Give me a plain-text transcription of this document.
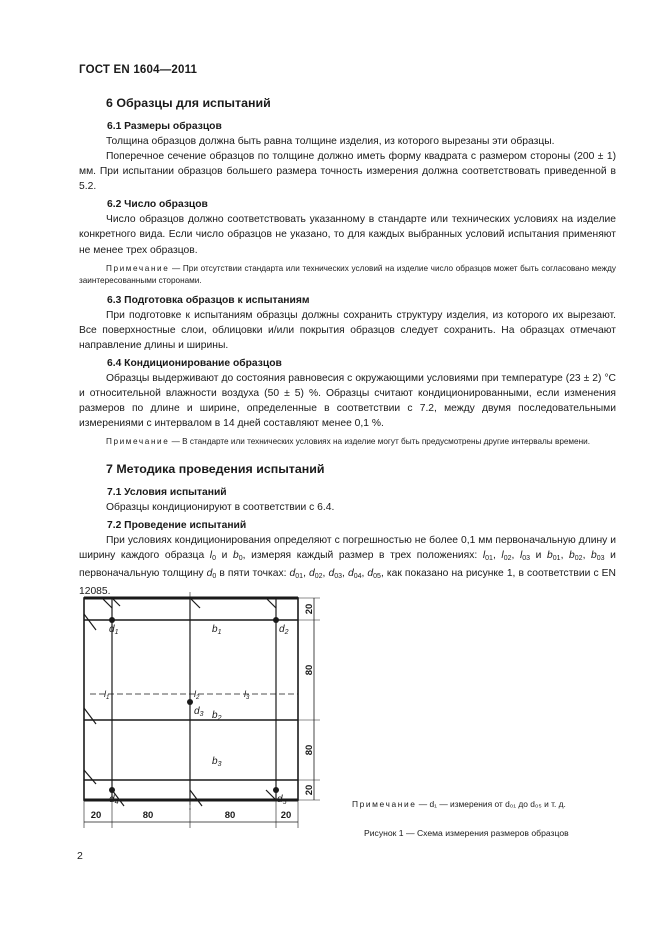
ГОСТ EN 1604—2011
6 Образцы для испытаний
6.1 Размеры образцов

Толщина образцов должна быть равна толщине изделия, из которого вырезаны эти образцы.

Поперечное сечение образцов по толщине должно иметь форму квадрата с размером стороны (200 ± 1) мм. При испытании образцов большего размера точность измерения должна соответствовать приведенной в 5.2.

6.2 Число образцов

Число образцов должно соответствовать указанному в стандарте или технических условиях на изделие конкретного вида. Если число образцов не указано, то для каждых выбранных условий испытания применяют не менее трех образцов.

Примечание — При отсутствии стандарта или технических условий на изделие число образцов может быть согласовано между заинтересованными сторонами.
6.3 Подготовка образцов к испытаниям

При подготовке к испытаниям образцы должны сохранить структуру изделия, из которого их вырезают. Все поверхностные слои, облицовки и/или покрытия образцов следует сохранить. На образцах отмечают направление длины и ширины.

6.4 Кондиционирование образцов

Образцы выдерживают до состояния равновесия с окружающими условиями при температуре (23 ± 2) °С и относительной влажности воздуха (50 ± 5) %. Образцы считают кондиционированными, если изменения размеров по длине и ширине, определенные в соответствии с 7.2, между двумя последовательными измерениями с интервалом в 14 дней составляют менее 0,1 %.

Примечание — В стандарте или технических условиях на изделие могут быть предусмотрены другие интервалы времени.
7 Методика проведения испытаний
7.1 Условия испытаний

Образцы кондиционируют в соответствии с 6.4.

7.2 Проведение испытаний

При условиях кондиционирования определяют с погрешностью не более 0,1 мм первоначальную длину и ширину каждого образца $l_0$ и $b_0$, измеряя каждый размер в трех положениях: $l_{01}$, $l_{02}$, $l_{03}$ и $b_{01}$, $b_{02}$, $b_{03}$ и первоначальную толщину $d_0$ в пяти точках: $d_{01}$, $d_{02}$, $d_{03}$, $d_{04}$, $d_{05}$, как показано на рисунке 1, в соответствии с EN 12085.

$d_1$	$d_2$
$d_3$
$d_4$	$d_5$
$b_1$
$b_2$
$b_3$
$l_1$	$l_2$	$l_3$
20	80	80	20
20
80
80
20
Примечание — d₁ — измерения от d₀₁ до d₀₅ и т. д.
Рисунок 1 — Схема измерения размеров образцов
2
